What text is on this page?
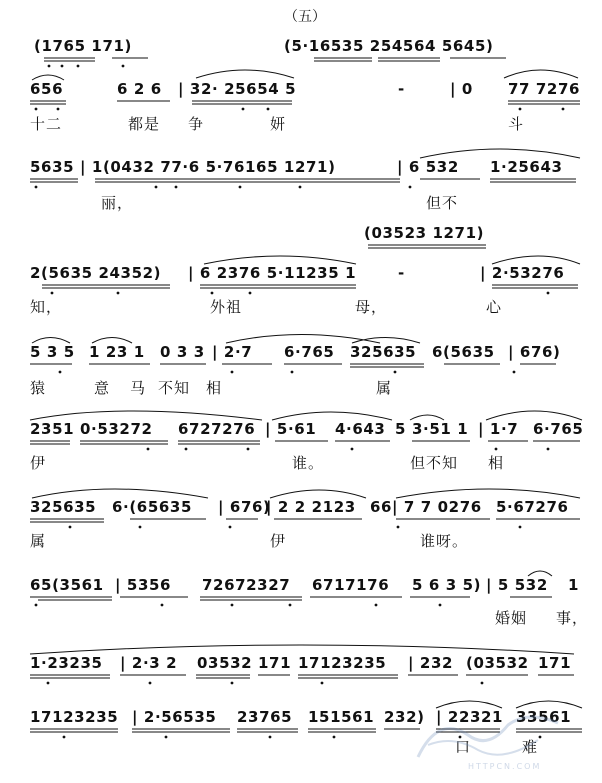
（五）
(1765 171)	(5·16535 254564 5645)
656	6 2 6 | 32· 25654 5	-	| 0 77 7276
十二	都是 争	妍	斗
5635 | 1(0432 77·6 5·76165 1271)	| 6 532 1·25643
丽，	但不
(03523 1271)
2(5635 24352) | 6 2376 5·11235 1	-	| 2·53276
知，	外祖	母，	心
5 3 5 1 23 1 0 3 3 | 2·7 6·765 325635 6(5635 | 676)
猿	意 马 不知 相	属
2351 0·53272 6727276 | 5·61 4·643 5 3·51 1 | 1·7 6·765
伊	谁。	但不知 相
325635 6·(65635 | 676)
| 2 2 2123 66 | 7 7 0276 5·67276
属	伊	谁呀。
65(3561 | 5356 72672327 6717176 5 6 3 5) | 5 532 1
婚姻 事，
1·23235 | 2·3 2 03532 171 17123235 | 232 (03532 171
17123235 | 2·56535 23765 151561 232) | 22321 33561
口	难
HTTPCN.COM
